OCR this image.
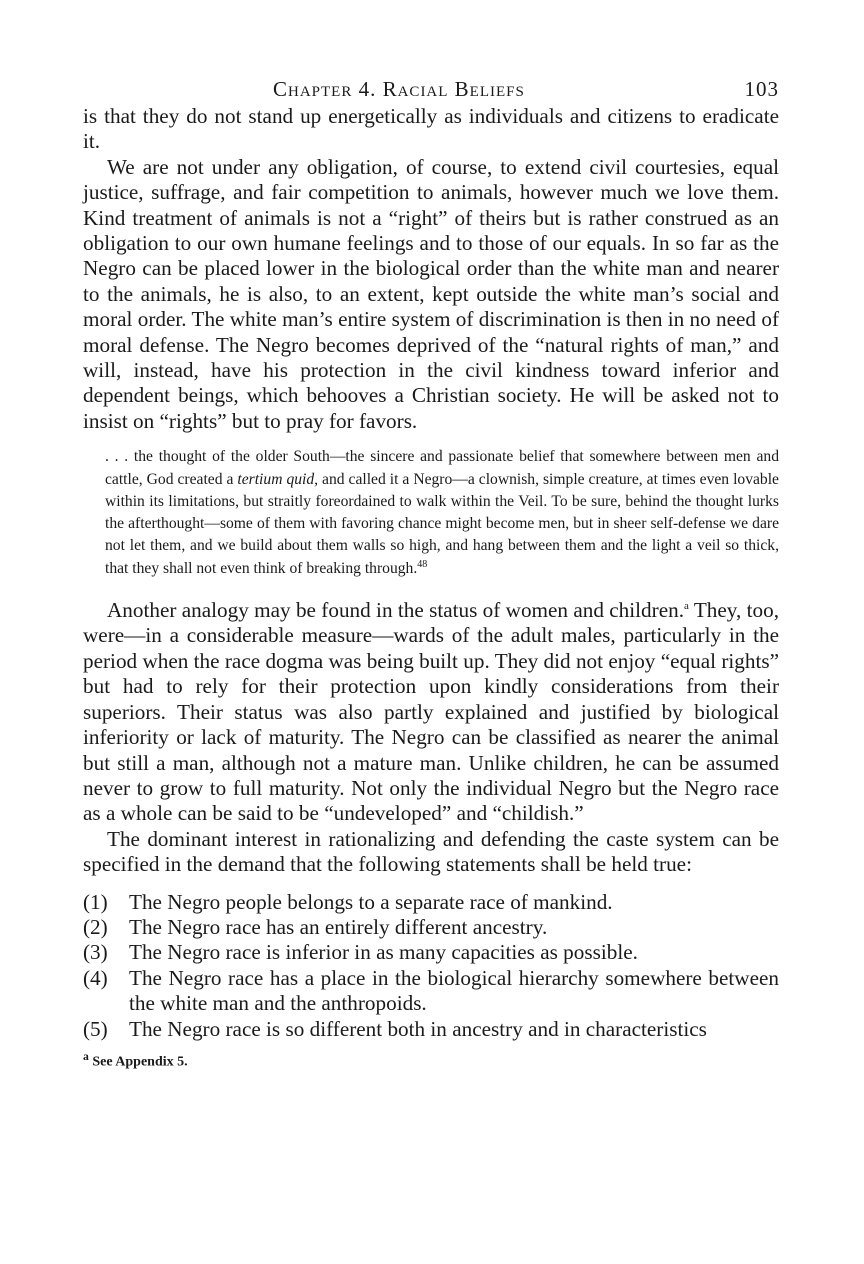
Chapter 4. Racial Beliefs	103

is that they do not stand up energetically as individuals and citizens to eradicate it.

We are not under any obligation, of course, to extend civil courtesies, equal justice, suffrage, and fair competition to animals, however much we love them. Kind treatment of animals is not a “right” of theirs but is rather construed as an obligation to our own humane feelings and to those of our equals. In so far as the Negro can be placed lower in the biological order than the white man and nearer to the animals, he is also, to an extent, kept outside the white man’s social and moral order. The white man’s entire system of discrimination is then in no need of moral defense. The Negro becomes deprived of the “natural rights of man,” and will, instead, have his protection in the civil kindness toward inferior and dependent beings, which behooves a Christian society. He will be asked not to insist on “rights” but to pray for favors.

. . . the thought of the older South—the sincere and passionate belief that somewhere between men and cattle, God created a tertium quid, and called it a Negro—a clownish, simple creature, at times even lovable within its limitations, but straitly foreordained to walk within the Veil. To be sure, behind the thought lurks the afterthought—some of them with favoring chance might become men, but in sheer self-defense we dare not let them, and we build about them walls so high, and hang between them and the light a veil so thick, that they shall not even think of breaking through.$^{48}$

Another analogy may be found in the status of women and children.$^a$ They, too, were—in a considerable measure—wards of the adult males, particularly in the period when the race dogma was being built up. They did not enjoy “equal rights” but had to rely for their protection upon kindly considerations from their superiors. Their status was also partly explained and justified by biological inferiority or lack of maturity. The Negro can be classified as nearer the animal but still a man, although not a mature man. Unlike children, he can be assumed never to grow to full maturity. Not only the individual Negro but the Negro race as a whole can be said to be “undeveloped” and “childish.”

The dominant interest in rationalizing and defending the caste system can be specified in the demand that the following statements shall be held true:

(1) The Negro people belongs to a separate race of mankind.
(2) The Negro race has an entirely different ancestry.
(3) The Negro race is inferior in as many capacities as possible.
(4) The Negro race has a place in the biological hierarchy somewhere between the white man and the anthropoids.
(5) The Negro race is so different both in ancestry and in characteristics
$^a$ See Appendix 5.
